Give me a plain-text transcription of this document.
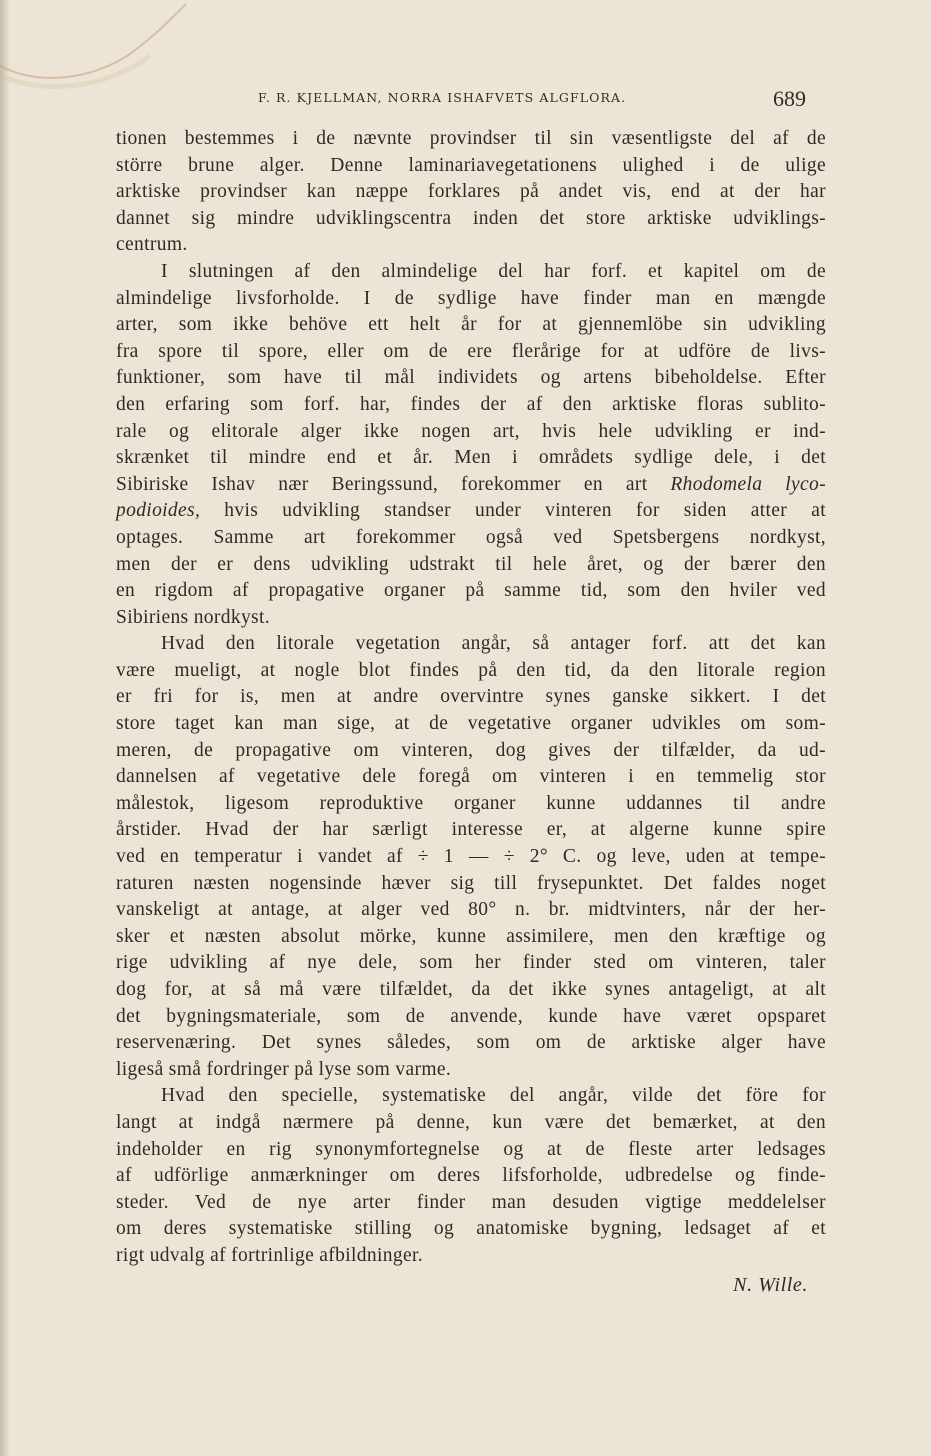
F. R. KJELLMAN, NORRA ISHAFVETS ALGFLORA.	689
tionen bestemmes i de nævnte provindser til sin væsentligste del af de
större brune alger. Denne laminariavegetationens ulighed i de ulige
arktiske provindser kan næppe forklares på andet vis, end at der har
dannet sig mindre udviklingscentra inden det store arktiske udviklings-
centrum.
I slutningen af den almindelige del har forf. et kapitel om de
almindelige livsforholde. I de sydlige have finder man en mængde
arter, som ikke behöve ett helt år for at gjennemlöbe sin udvikling
fra spore til spore, eller om de ere flerårige for at udföre de livs-
funktioner, som have til mål individets og artens bibeholdelse. Efter
den erfaring som forf. har, findes der af den arktiske floras sublito-
rale og elitorale alger ikke nogen art, hvis hele udvikling er ind-
skrænket til mindre end et år. Men i områdets sydlige dele, i det
Sibiriske Ishav nær Beringssund, forekommer en art Rhodomela lyco-
podioides, hvis udvikling standser under vinteren for siden atter at
optages. Samme art forekommer også ved Spetsbergens nordkyst,
men der er dens udvikling udstrakt til hele året, og der bærer den
en rigdom af propagative organer på samme tid, som den hviler ved
Sibiriens nordkyst.
Hvad den litorale vegetation angår, så antager forf. att det kan
være mueligt, at nogle blot findes på den tid, da den litorale region
er fri for is, men at andre overvintre synes ganske sikkert. I det
store taget kan man sige, at de vegetative organer udvikles om som-
meren, de propagative om vinteren, dog gives der tilfælder, da ud-
dannelsen af vegetative dele foregå om vinteren i en temmelig stor
målestok, ligesom reproduktive organer kunne uddannes til andre
årstider. Hvad der har særligt interesse er, at algerne kunne spire
ved en temperatur i vandet af ÷ 1 — ÷ 2° C. og leve, uden at tempe-
raturen næsten nogensinde hæver sig till frysepunktet. Det faldes noget
vanskeligt at antage, at alger ved 80° n. br. midtvinters, når der her-
sker et næsten absolut mörke, kunne assimilere, men den kræftige og
rige udvikling af nye dele, som her finder sted om vinteren, taler
dog for, at så må være tilfældet, da det ikke synes antageligt, at alt
det bygningsmateriale, som de anvende, kunde have været opsparet
reservenæring. Det synes således, som om de arktiske alger have
ligeså små fordringer på lyse som varme.
Hvad den specielle, systematiske del angår, vilde det före for
langt at indgå nærmere på denne, kun være det bemærket, at den
indeholder en rig synonymfortegnelse og at de fleste arter ledsages
af udförlige anmærkninger om deres lifsforholde, udbredelse og finde-
steder. Ved de nye arter finder man desuden vigtige meddelelser
om deres systematiske stilling og anatomiske bygning, ledsaget af et
rigt udvalg af fortrinlige afbildninger.
N. Wille.
